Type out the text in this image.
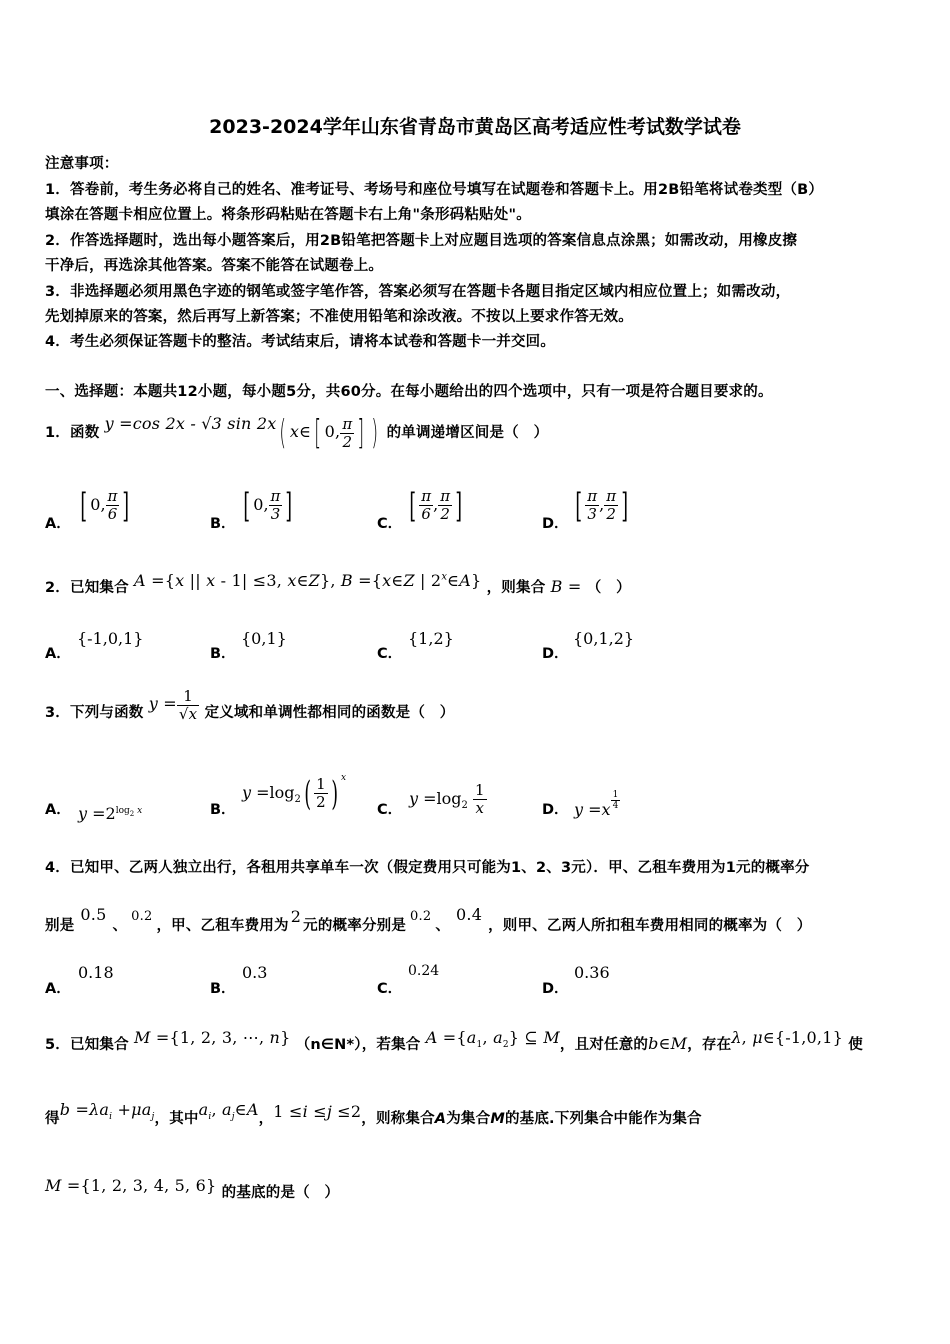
2023-2024学年山东省青岛市黄岛区高考适应性考试数学试卷
注意事项：
1．答卷前，考生务必将自己的姓名、准考证号、考场号和座位号填写在试题卷和答题卡上。用2B铅笔将试卷类型（B）
填涂在答题卡相应位置上。将条形码粘贴在答题卡右上角"条形码粘贴处"。
2．作答选择题时，选出每小题答案后，用2B铅笔把答题卡上对应题目选项的答案信息点涂黑；如需改动，用橡皮擦
干净后，再选涂其他答案。答案不能答在试题卷上。
3．非选择题必须用黑色字迹的钢笔或签字笔作答，答案必须写在答题卡各题目指定区域内相应位置上；如需改动，
先划掉原来的答案，然后再写上新答案；不准使用铅笔和涂改液。不按以上要求作答无效。
4．考生必须保证答题卡的整洁。考试结束后，请将本试卷和答题卡一并交回。
一、选择题：本题共12小题，每小题5分，共60分。在每小题给出的四个选项中，只有一项是符合题目要求的。
1．函数 y =cos 2x - √3 sin 2x( x∈[ 0, $\frac{\pi}{2}$ ] ) 的单调递增区间是（　）
A． [ 0, $\frac{\pi}{6}$ ]	B． [ 0, $\frac{\pi}{3}$ ]	C． [ $\frac{\pi}{6}$ , $\frac{\pi}{2}$ ]	D． [ $\frac{\pi}{3}$ , $\frac{\pi}{2}$ ]
2．已知集合 A ={x || x - 1| ≤3, x∈Z}, B ={x∈Z | 2$^x$∈A} ，则集合 B = （　）
A．
{-1,0,1}
B．
{0,1}
C．
{1,2}
D．
{0,1,2}
3．下列与函数 $y = \frac{1}{√x}$ 定义域和单调性都相同的函数是（　）
A． $y =2^{log_2 x}$	B．
$y =\log_2( \frac{1}{2}$ ) $^x$
C．
$y =\log_2 \frac{1}{x}$	D． $y =x \frac{1}{4}$
4．已知甲、乙两人独立出行，各租用共享单车一次（假定费用只可能为1、2、3元）．甲、乙租车费用为1元的概率分
别是0.5、0.2，甲、乙租车费用为 2 元的概率分别是0.2、0.4，则甲、乙两人所扣租车费用相同的概率为（　）
A．
0.18
B．
0.3
C．
0.24
D．
0.36
5．已知集合 M ={1, 2, 3, ⋯, n} （n∈N*），若集合 $A =\{a_1$, $a_2$} ⊆ M，且对任意的b∈M，存在λ, μ∈{-1,0,1} 使
得$b =\lambda a_i +\mu a_j$，其中$a_i$, $a_j\in A$，1 ≤i ≤j ≤2，则称集合A为集合M的基底.下列集合中能作为集合
M ={1, 2, 3, 4, 5, 6} 的基底的是（　）
